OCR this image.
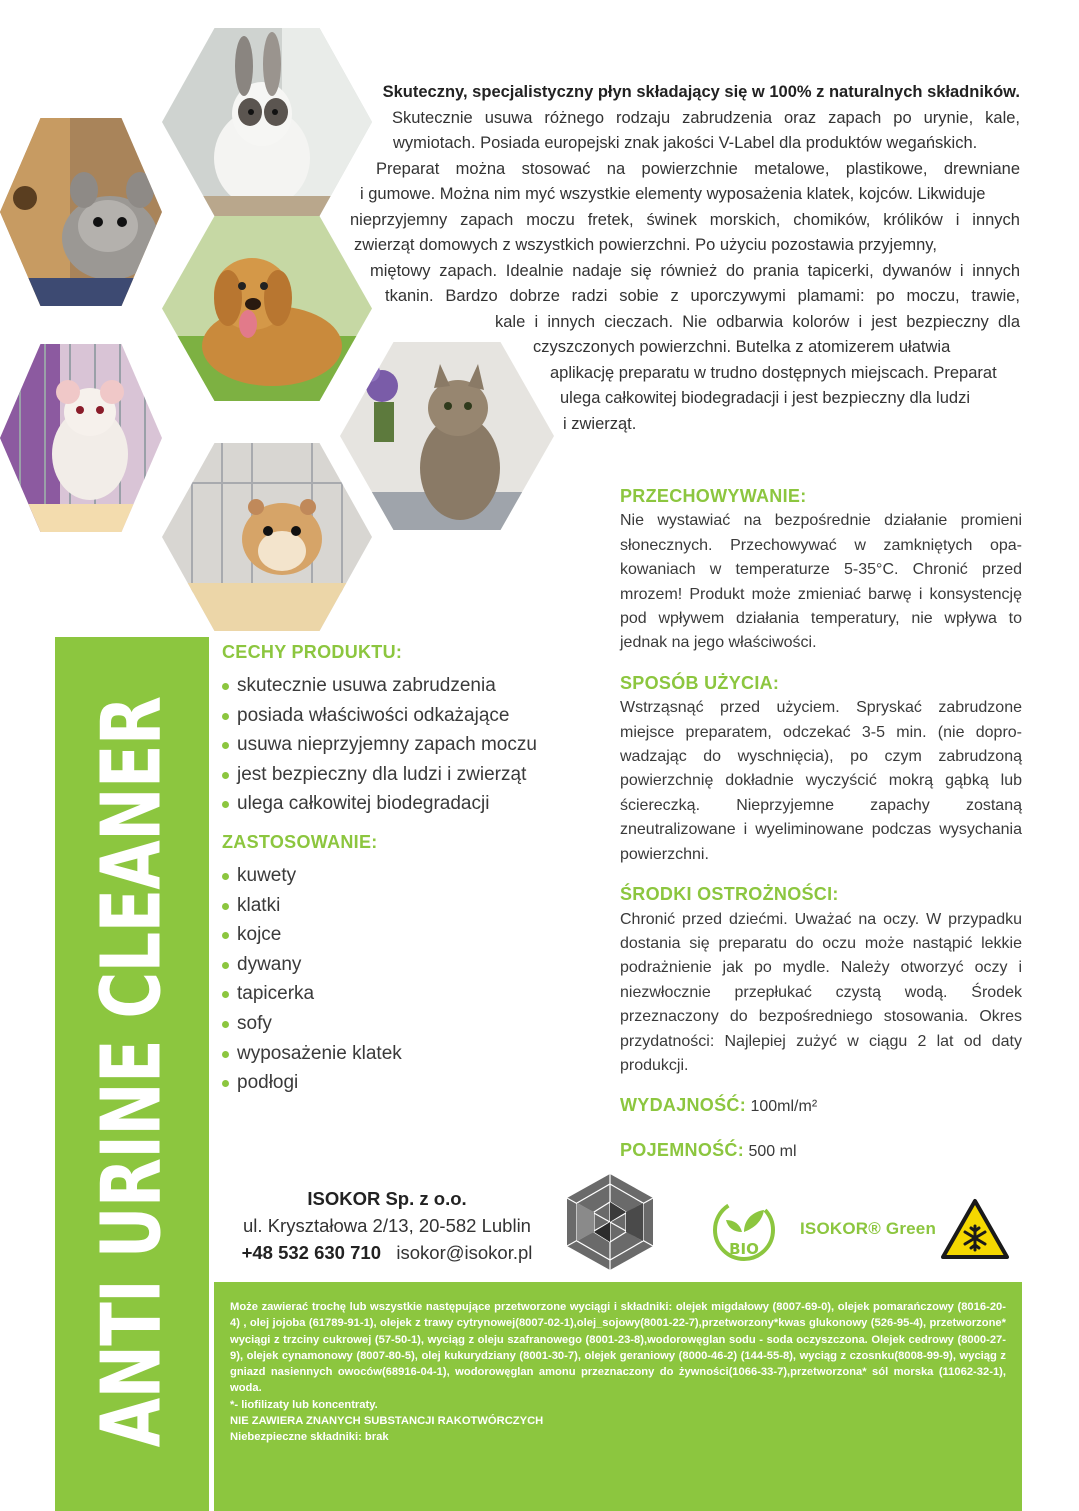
Skuteczny, specjalistyczny płyn składający się w 100% z naturalnych składników.
Skutecznie usuwa różnego rodzaju zabrudzenia oraz zapach po urynie, kale,
wymiotach. Posiada europejski znak jakości V-Label dla produktów wegańskich.
Preparat można stosować na powierzchnie metalowe, plastikowe, drewniane
i gumowe. Można nim myć wszystkie elementy wyposażenia klatek, kojców. Likwiduje
nieprzyjemny zapach moczu fretek, świnek morskich, chomików, królików i innych
zwierząt domowych z wszystkich powierzchni. Po użyciu pozostawia przyjemny,
miętowy zapach. Idealnie nadaje się również do prania tapicerki, dywanów i innych
tkanin. Bardzo dobrze radzi sobie z uporczywymi plamami: po moczu, trawie,
kale i innych cieczach. Nie odbarwia kolorów i jest bezpieczny dla
czyszczonych powierzchni. Butelka z atomizerem ułatwia
aplikację preparatu w trudno dostępnych miejscach. Preparat
ulega całkowitej biodegradacji i jest bezpieczny dla ludzi
i zwierząt.
ANTI URINE CLEANER
CECHY PRODUKTU:
skutecznie usuwa zabrudzenia
posiada właściwości odkażające
usuwa nieprzyjemny zapach moczu
jest bezpieczny dla ludzi i zwierząt
ulega całkowitej biodegradacji
ZASTOSOWANIE:
kuwety
klatki
kojce
dywany
tapicerka
sofy
wyposażenie klatek
podłogi
PRZECHOWYWANIE:

Nie wystawiać na bezpośrednie działanie promieni słonecznych. Przechowywać w zamkniętych opakowaniach w temperaturze 5-35°C. Chronić przed mrozem! Produkt może zmieniać barwę i konsystencję pod wpływem działania temperatury, nie wpływa to jednak na jego właściwości.

SPOSÓB UŻYCIA:

Wstrząsnąć przed użyciem. Spryskać zabrudzone miejsce preparatem, odczekać 3-5 min. (nie doprowadzając do wyschnięcia), po czym zabrudzoną powierzchnię dokładnie wyczyścić mokrą gąbką lub ściereczką. Nieprzyjemne zapachy zostaną zneutralizowane i wyeliminowane podczas wysychania powierzchni.

ŚRODKI OSTROŻNOŚCI:

Chronić przed dziećmi. Uważać na oczy. W przypadku dostania się preparatu do oczu może nastąpić lekkie podrażnienie jak po mydle. Należy otworzyć oczy i niezwłocznie przepłukać czystą wodą. Środek przeznaczony do bezpośredniego stosowania. Okres przydatności: Najlepiej zużyć w ciągu 2 lat od daty produkcji.

WYDAJNOŚĆ: 100ml/m²
POJEMNOŚĆ: 500 ml
ISOKOR Sp. z o.o.
ul. Kryształowa 2/13, 20-582 Lublin
+48 532 630 710 isokor@isokor.pl	BIO
ISOKOR® Green

Może zawierać trochę lub wszystkie następujące przetworzone wyciągi i składniki: olejek migdałowy (8007-69-0), olejek pomarańczowy (8016-20-4) , olej jojoba (61789-91-1), olejek z trawy cytrynowej(8007-02-1),olej_sojowy(8001-22-7),przetworzony*kwas glukonowy (526-95-4), przetworzone* wyciągi z trzciny cukrowej (57-50-1), wyciąg z oleju szafranowego (8001-23-8),wodorowęglan sodu - soda oczyszczona. Olejek cedrowy (8000-27-9), olejek cynamonowy (8007-80-5), olej kukurydziany (8001-30-7), olejek geraniowy (8000-46-2) (144-55-8), wyciąg z czosnku(8008-99-9), wyciąg z gniazd nasiennych owoców(68916-04-1), wodorowęglan amonu przeznaczony do żywności(1066-33-7),przetworzona* sól morska (11062-32-1), woda.

*- liofilizaty lub koncentraty.
NIE ZAWIERA ZNANYCH SUBSTANCJI RAKOTWÓRCZYCH
Niebezpieczne składniki: brak
